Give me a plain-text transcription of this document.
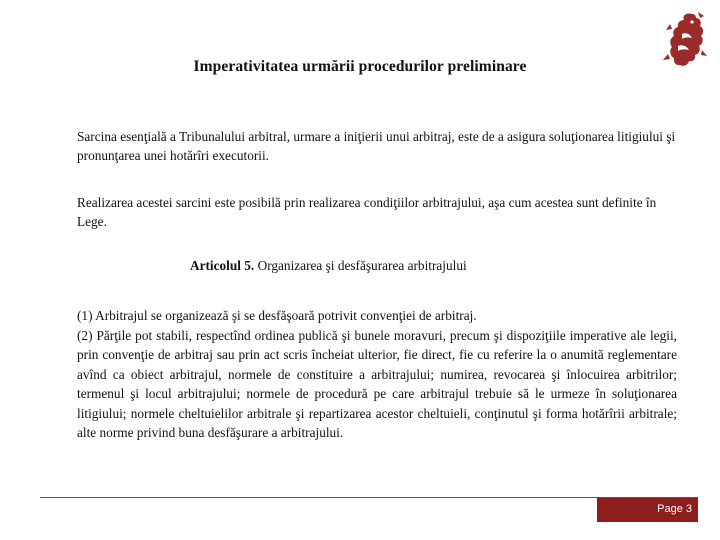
Imperativitatea urmării procedurilor preliminare
Sarcina esenţială a Tribunalului arbitral, urmare a iniţierii unui arbitraj, este de a asigura soluţionarea litigiului şi pronunţarea unei hotărîri executorii.
Realizarea acestei sarcini este posibilă prin realizarea condiţiilor arbitrajului, aşa cum acestea sunt definite în Lege.
Articolul 5. Organizarea şi desfăşurarea arbitrajului
(1) Arbitrajul se organizează şi se desfăşoară potrivit convenţiei de arbitraj.
(2) Părţile pot stabili, respectînd ordinea publică şi bunele moravuri, precum şi dispoziţiile imperative ale legii, prin convenţie de arbitraj sau prin act scris încheiat ulterior, fie direct, fie cu referire la o anumită reglementare avînd ca obiect arbitrajul, normele de constituire a arbitrajului; numirea, revocarea şi înlocuirea arbitrilor; termenul şi locul arbitrajului; normele de procedură pe care arbitrajul trebuie să le urmeze în soluţionarea litigiului; normele cheltuielilor arbitrale şi repartizarea acestor cheltuieli, conţinutul şi forma hotărîrii arbitrale; alte norme privind buna desfăşurare a arbitrajului.
Page 3
